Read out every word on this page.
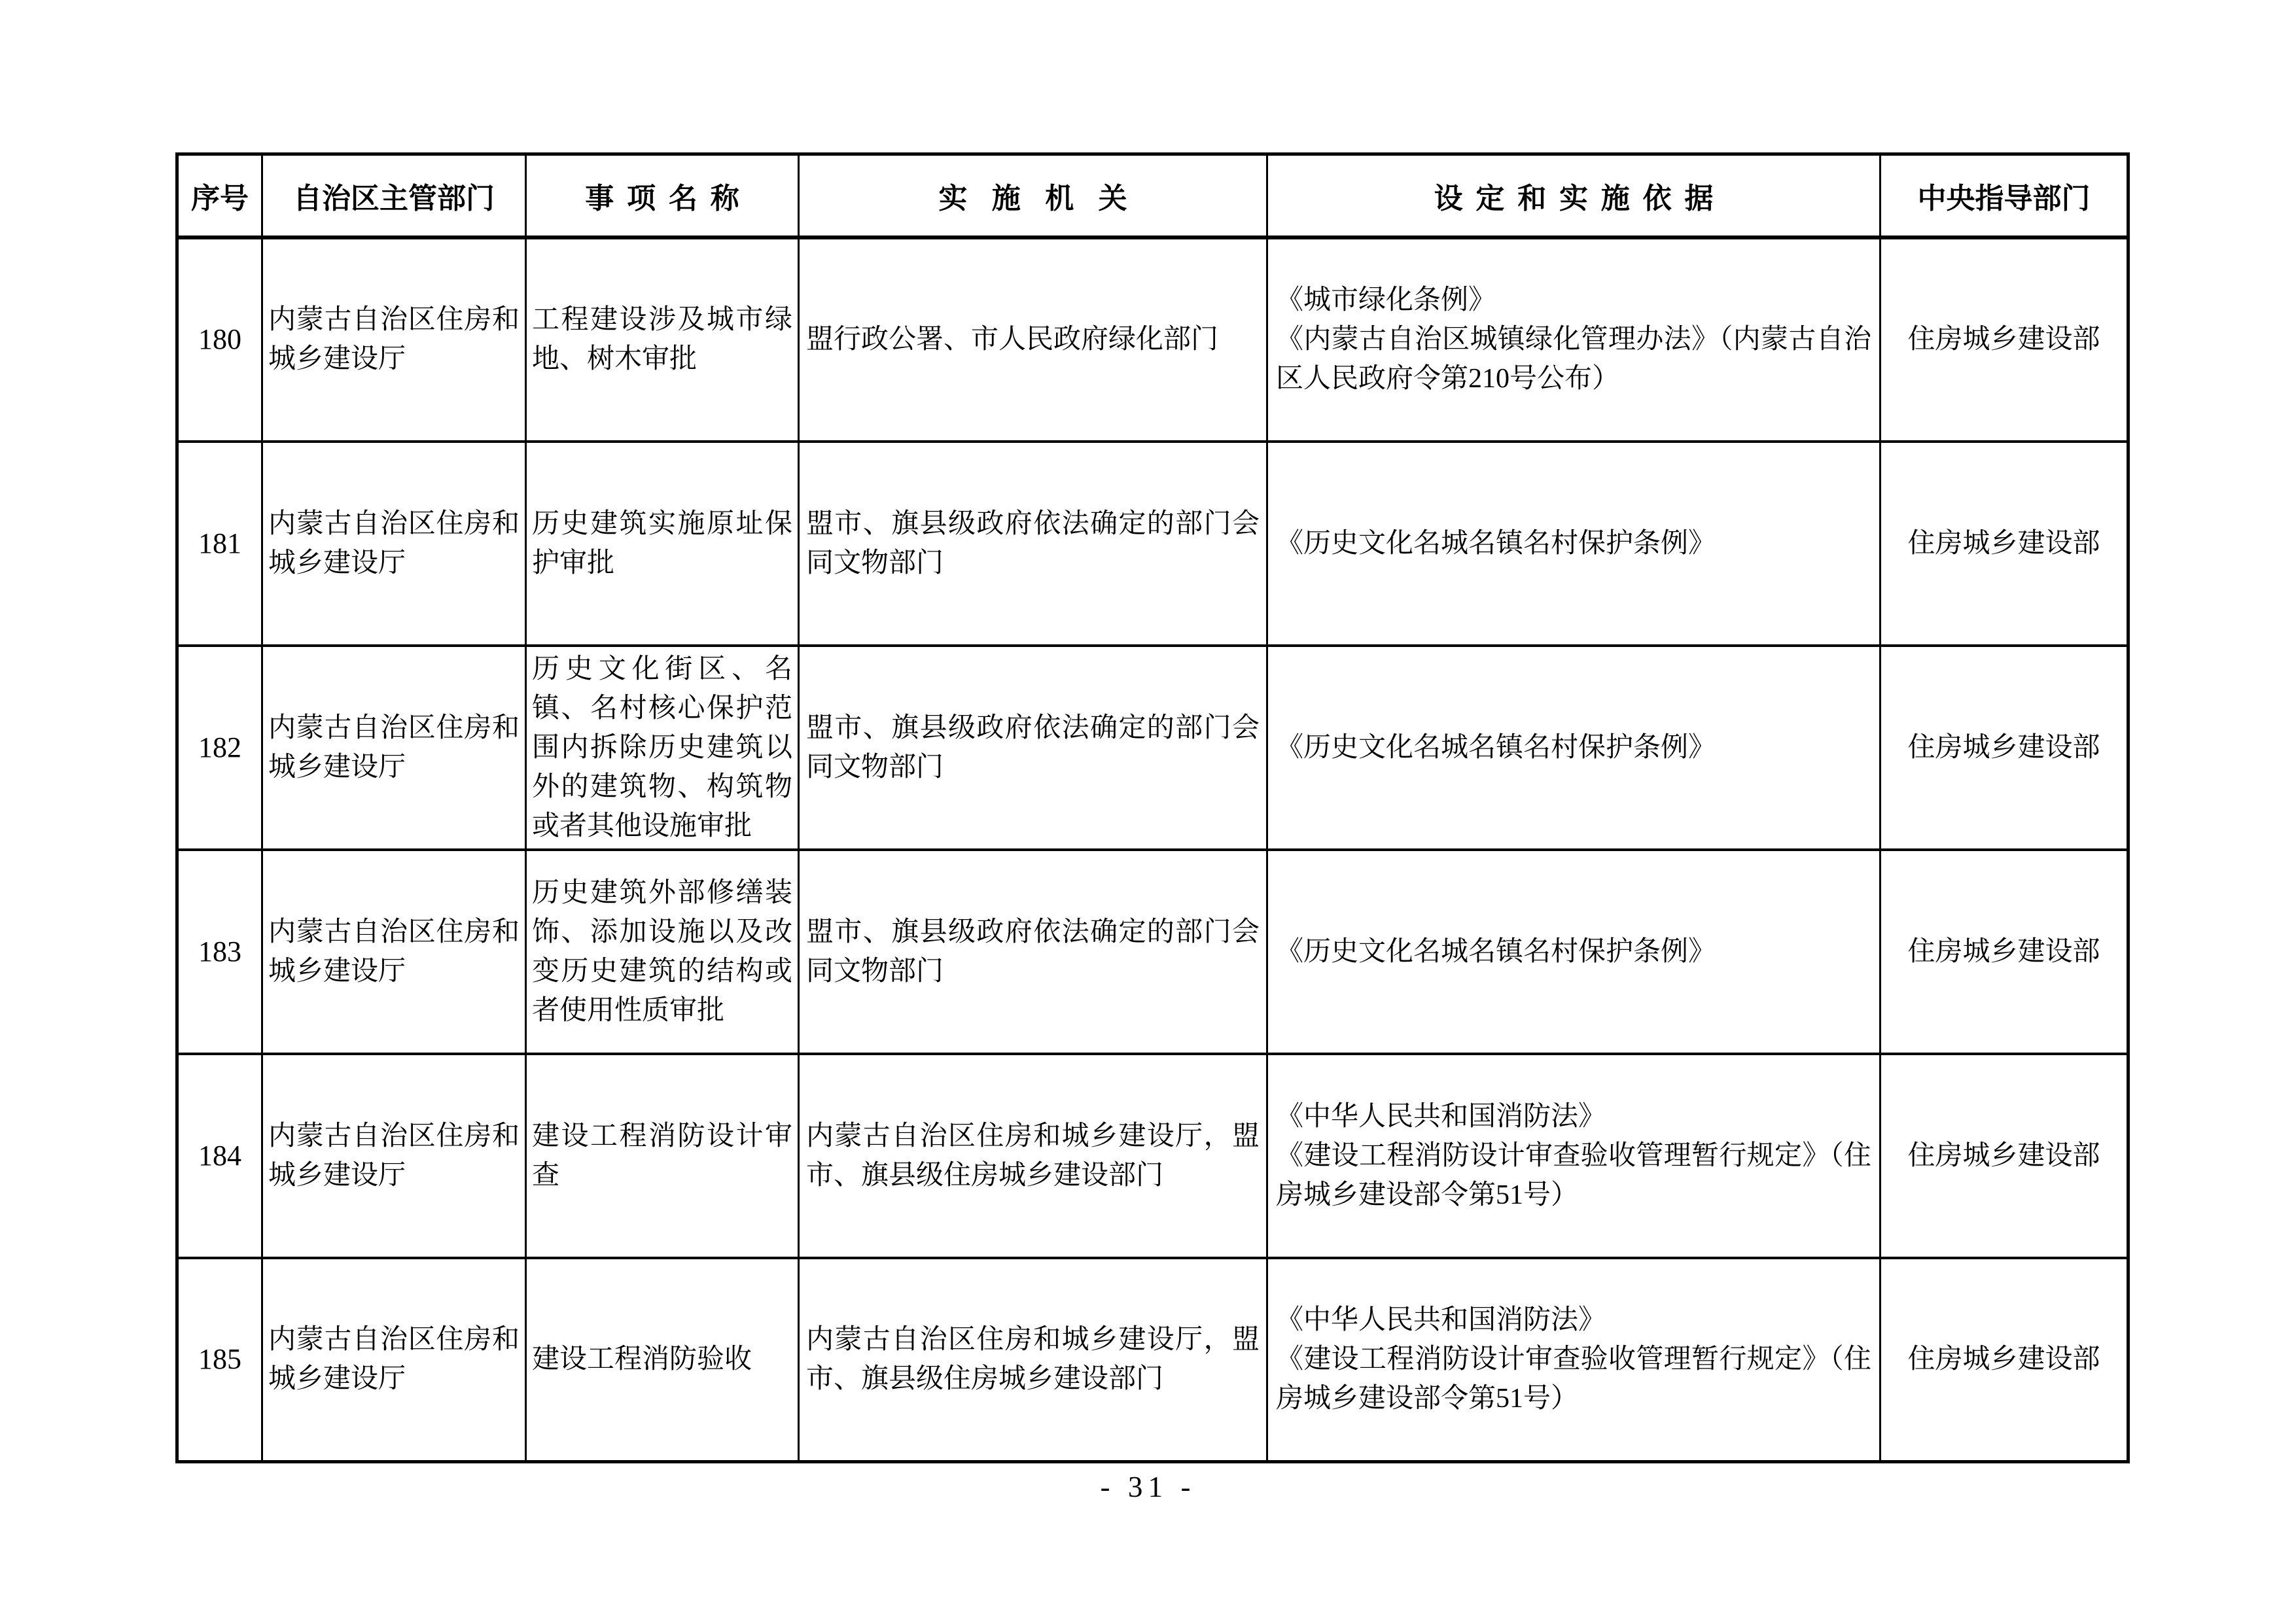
序号	自治区主管部门	事项名称	实施机关	设定和实施依据	中央指导部门
180	内蒙古自治区住房和城乡建设厅	工程建设涉及城市绿地、树木审批	盟行政公署、市人民政府绿化部门	《城市绿化条例》
《内蒙古自治区城镇绿化管理办法》（内蒙古自治区人民政府令第210号公布）	住房城乡建设部
181	内蒙古自治区住房和城乡建设厅	历史建筑实施原址保护审批	盟市、旗县级政府依法确定的部门会同文物部门	《历史文化名城名镇名村保护条例》	住房城乡建设部
182	内蒙古自治区住房和城乡建设厅	历史文化街区、名镇、名村核心保护范围内拆除历史建筑以外的建筑物、构筑物或者其他设施审批	盟市、旗县级政府依法确定的部门会同文物部门	《历史文化名城名镇名村保护条例》	住房城乡建设部
183	内蒙古自治区住房和城乡建设厅	历史建筑外部修缮装饰、添加设施以及改变历史建筑的结构或者使用性质审批	盟市、旗县级政府依法确定的部门会同文物部门	《历史文化名城名镇名村保护条例》	住房城乡建设部
184	内蒙古自治区住房和城乡建设厅	建设工程消防设计审查	内蒙古自治区住房和城乡建设厅，盟市、旗县级住房城乡建设部门	《中华人民共和国消防法》
《建设工程消防设计审查验收管理暂行规定》（住房城乡建设部令第51号）	住房城乡建设部
185	内蒙古自治区住房和城乡建设厅	建设工程消防验收	内蒙古自治区住房和城乡建设厅，盟市、旗县级住房城乡建设部门	《中华人民共和国消防法》
《建设工程消防设计审查验收管理暂行规定》（住房城乡建设部令第51号）	住房城乡建设部
- 31 -
